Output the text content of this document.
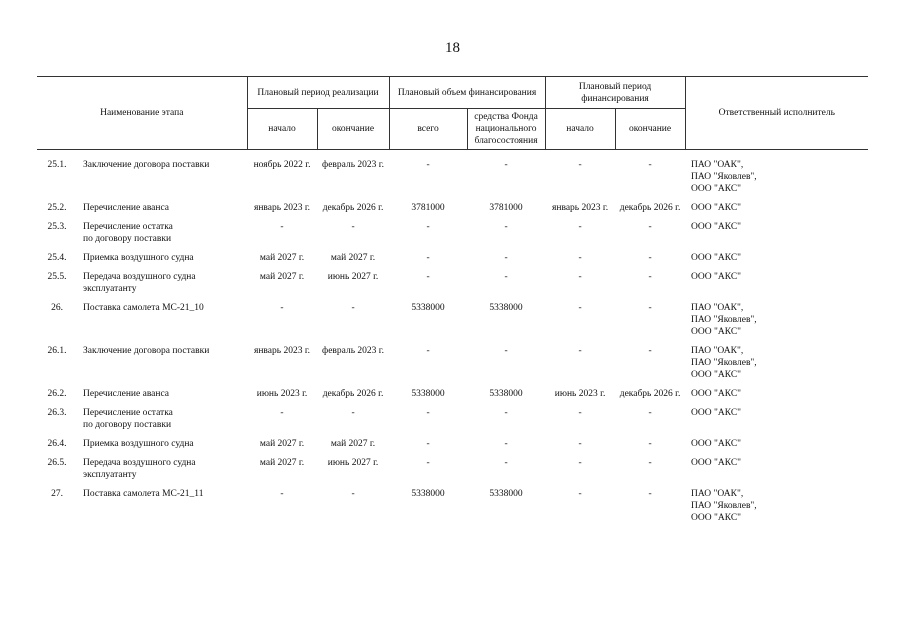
18
Наименование этапа		Плановый период реализации		Плановый объем финансирования		Плановый период финансирования		Ответственный исполнитель
		начало	окончание	всего	средства Фонда национального благосостояния	начало	окончание	

25.1.	Заключение договора поставки	ноябрь 2022 г.	февраль 2023 г.	-	-	-	-	ПАО "ОАК",
ПАО "Яковлев",
ООО "АКС"

25.2.	Перечисление аванса	январь 2023 г.	декабрь 2026 г.	3781000	3781000	январь 2023 г.	декабрь 2026 г.	ООО "АКС"

25.3.	Перечисление остатка
по договору поставки	-	-	-	-	-	-	ООО "АКС"

25.4.	Приемка воздушного судна	май 2027 г.	май 2027 г.	-	-	-	-	ООО "АКС"

25.5.	Передача воздушного судна
эксплуатанту	май 2027 г.	июнь 2027 г.	-	-	-	-	ООО "АКС"

26.	Поставка самолета МС-21_10	-	-	5338000	5338000	-	-	ПАО "ОАК",
ПАО "Яковлев",
ООО "АКС"

26.1.	Заключение договора поставки	январь 2023 г.	февраль 2023 г.	-	-	-	-	ПАО "ОАК",
ПАО "Яковлев",
ООО "АКС"

26.2.	Перечисление аванса	июнь 2023 г.	декабрь 2026 г.	5338000	5338000	июнь 2023 г.	декабрь 2026 г.	ООО "АКС"

26.3.	Перечисление остатка
по договору поставки	-	-	-	-	-	-	ООО "АКС"

26.4.	Приемка воздушного судна	май 2027 г.	май 2027 г.	-	-	-	-	ООО "АКС"

26.5.	Передача воздушного судна
эксплуатанту	май 2027 г.	июнь 2027 г.	-	-	-	-	ООО "АКС"

27.	Поставка самолета МС-21_11	-	-	5338000	5338000	-	-	ПАО "ОАК",
ПАО "Яковлев",
ООО "АКС"
